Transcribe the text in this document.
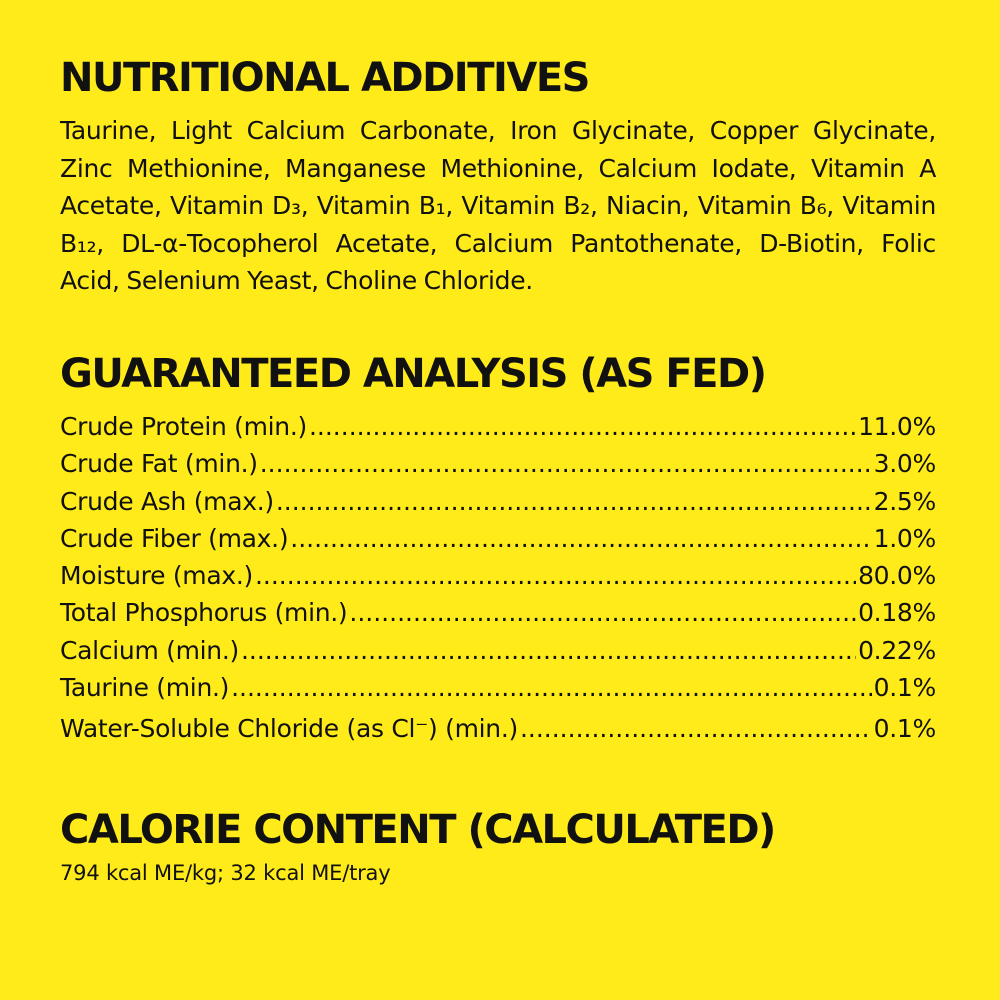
NUTRITIONAL ADDITIVES

Taurine, Light Calcium Carbonate, Iron Glycinate, Copper Glycinate, Zinc Methionine, Manganese Methionine, Calcium Iodate, Vitamin A Acetate, Vitamin D₃, Vitamin B₁, Vitamin B₂, Niacin, Vitamin B₆, Vitamin B₁₂, DL-α-Tocopherol Acetate, Calcium Pantothenate, D-Biotin, Folic Acid, Selenium Yeast, Choline Chloride.

GUARANTEED ANALYSIS (AS FED)
Crude Protein (min.) .....	11.0%
Crude Fat (min.) .....	3.0%
Crude Ash (max.) .....	2.5%
Crude Fiber (max.) .....	1.0%
Moisture (max.) .....	80.0%
Total Phosphorus (min.) .....	0.18%
Calcium (min.) .....	0.22%
Taurine (min.) .....	0.1%
Water-Soluble Chloride (as Cl⁻) (min.) .....	0.1%
CALORIE CONTENT (CALCULATED)

794 kcal ME/kg; 32 kcal ME/tray
